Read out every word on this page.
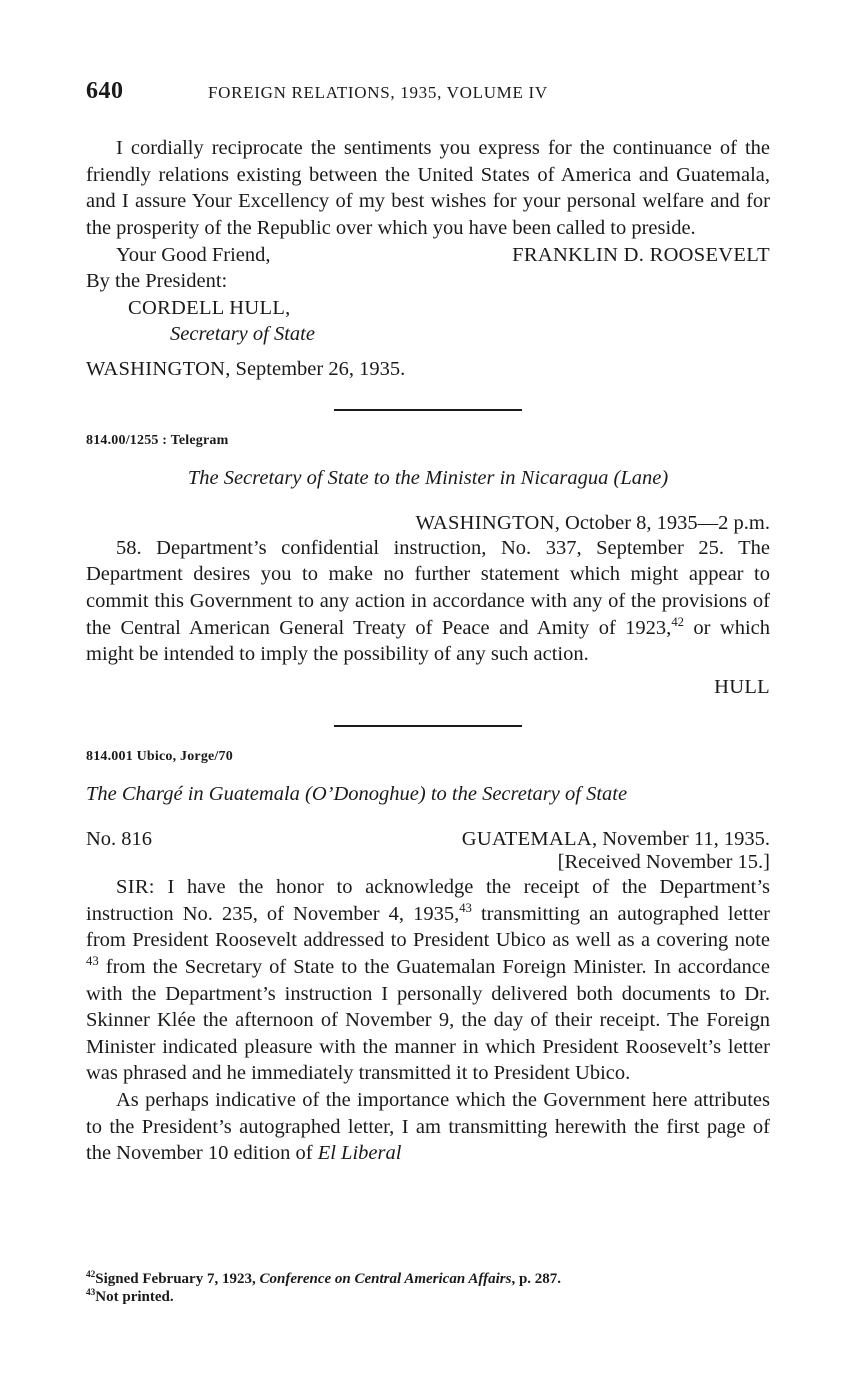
640	FOREIGN RELATIONS, 1935, VOLUME IV

I cordially reciprocate the sentiments you express for the continuance of the friendly relations existing between the United States of America and Guatemala, and I assure Your Excellency of my best wishes for your personal welfare and for the prosperity of the Republic over which you have been called to preside.

Your Good Friend,	FRANKLIN D. ROOSEVELT

By the President:

CORDELL HULL,

Secretary of State

WASHINGTON, September 26, 1935.

814.00/1255 : Telegram

The Secretary of State to the Minister in Nicaragua (Lane)

WASHINGTON, October 8, 1935—2 p.m.

58. Department’s confidential instruction, No. 337, September 25. The Department desires you to make no further statement which might appear to commit this Government to any action in accordance with any of the provisions of the Central American General Treaty of Peace and Amity of 1923,42 or which might be intended to imply the possibility of any such action.

HULL

814.001 Ubico, Jorge/70

The Chargé in Guatemala (O’Donoghue) to the Secretary of State

No. 816	GUATEMALA, November 11, 1935.

[Received November 15.]

SIR: I have the honor to acknowledge the receipt of the Department’s instruction No. 235, of November 4, 1935,43 transmitting an autographed letter from President Roosevelt addressed to President Ubico as well as a covering note $^{43}$ from the Secretary of State to the Guatemalan Foreign Minister. In accordance with the Department’s instruction I personally delivered both documents to Dr. Skinner Klée the afternoon of November 9, the day of their receipt. The Foreign Minister indicated pleasure with the manner in which President Roosevelt’s letter was phrased and he immediately transmitted it to President Ubico.

As perhaps indicative of the importance which the Government here attributes to the President’s autographed letter, I am transmitting herewith the first page of the November 10 edition of El Liberal

$^{42}$Signed February 7, 1923, Conference on Central American Affairs, p. 287.

$^{43}$Not printed.
